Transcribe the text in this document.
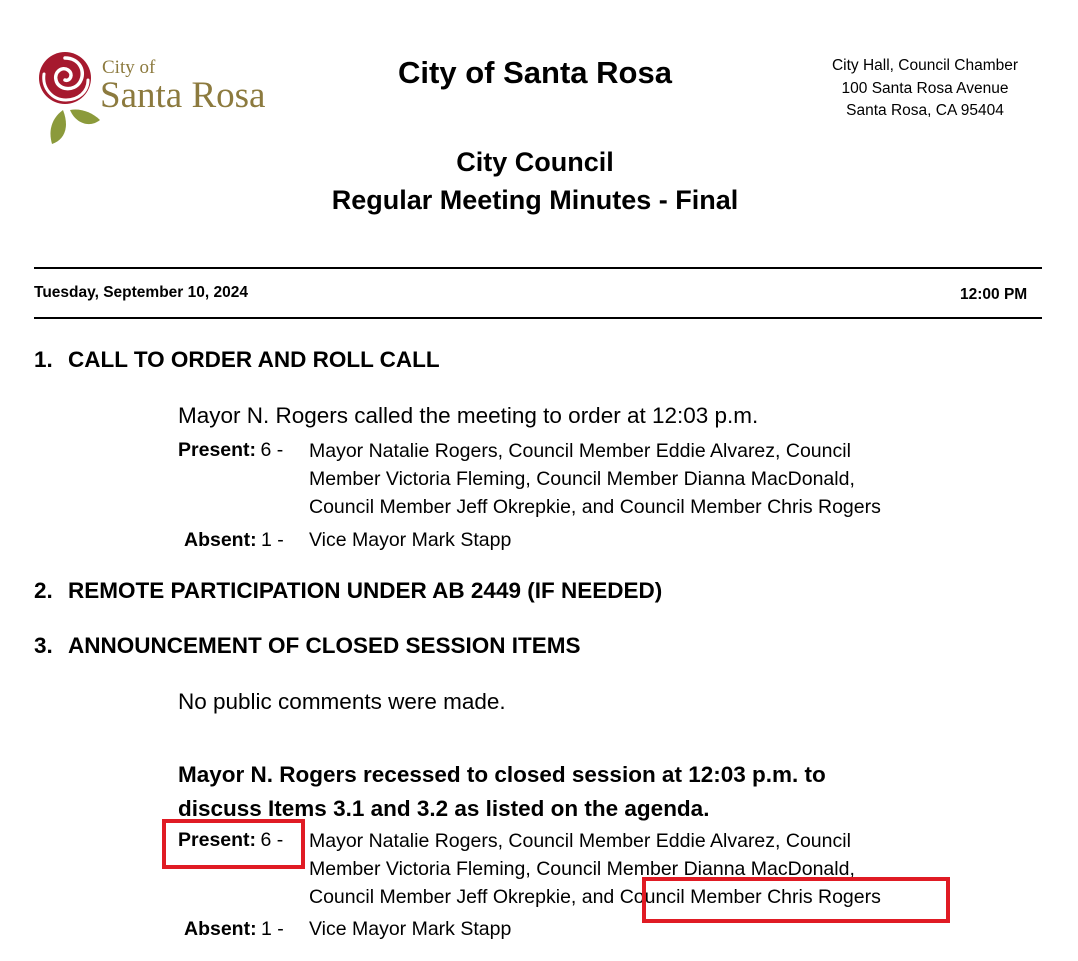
City of
Santa Rosa
City of Santa Rosa	City Hall, Council Chamber
100 Santa Rosa Avenue
Santa Rosa, CA 95404
City Council
Regular Meeting Minutes - Final
Tuesday, September 10, 2024	12:00 PM
1. CALL TO ORDER AND ROLL CALL
Mayor N. Rogers called the meeting to order at 12:03 p.m.
Present: 6 - Mayor Natalie Rogers, Council Member Eddie Alvarez, Council
Member Victoria Fleming, Council Member Dianna MacDonald,
Council Member Jeff Okrepkie, and Council Member Chris Rogers
Absent: 1 - Vice Mayor Mark Stapp
2. REMOTE PARTICIPATION UNDER AB 2449 (IF NEEDED)
3. ANNOUNCEMENT OF CLOSED SESSION ITEMS
No public comments were made.
Mayor N. Rogers recessed to closed session at 12:03 p.m. to
discuss Items 3.1 and 3.2 as listed on the agenda.
Present: 6 - Mayor Natalie Rogers, Council Member Eddie Alvarez, Council
Member Victoria Fleming, Council Member Dianna MacDonald,
Council Member Jeff Okrepkie, and Council Member Chris Rogers
Absent: 1 - Vice Mayor Mark Stapp
